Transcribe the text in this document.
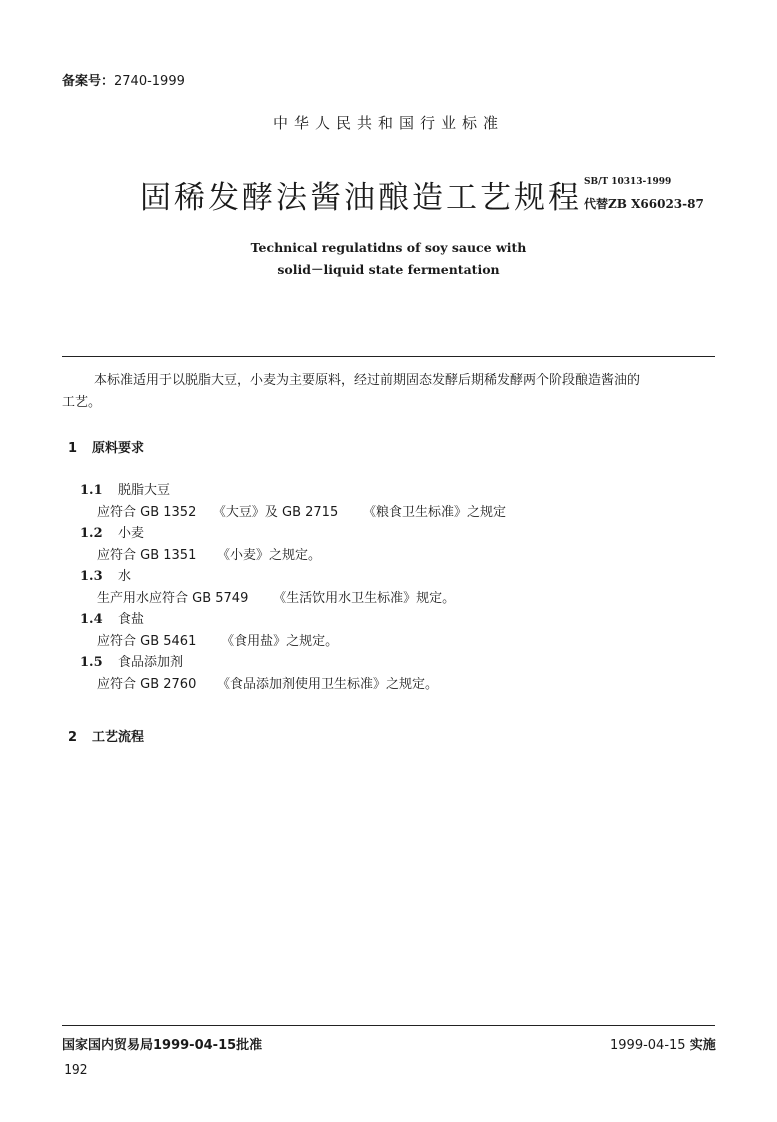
备案号：2740-1999
中华人民共和国行业标准
固稀发酵法酱油酿造工艺规程 SB/T 10313-1999
代替ZB X66023-87
Technical regulatidns of soy sauce with
solid－liquid state fermentation
本标准适用于以脱脂大豆，小麦为主要原料，经过前期固态发酵后期稀发酵两个阶段酿造酱油的
工艺。
1 原料要求
1.1 脱脂大豆
应符合 GB 1352    《大豆》及 GB 2715      《粮食卫生标准》之规定
1.2 小麦
应符合 GB 1351     《小麦》之规定。
1.3 水
生产用水应符合 GB 5749      《生活饮用水卫生标准》规定。
1.4 食盐
应符合 GB 5461      《食用盐》之规定。
1.5 食品添加剂
应符合 GB 2760     《食品添加剂使用卫生标准》之规定。
2 工艺流程
国家国内贸易局1999-04-15批准	1999-04-15 实施
192
